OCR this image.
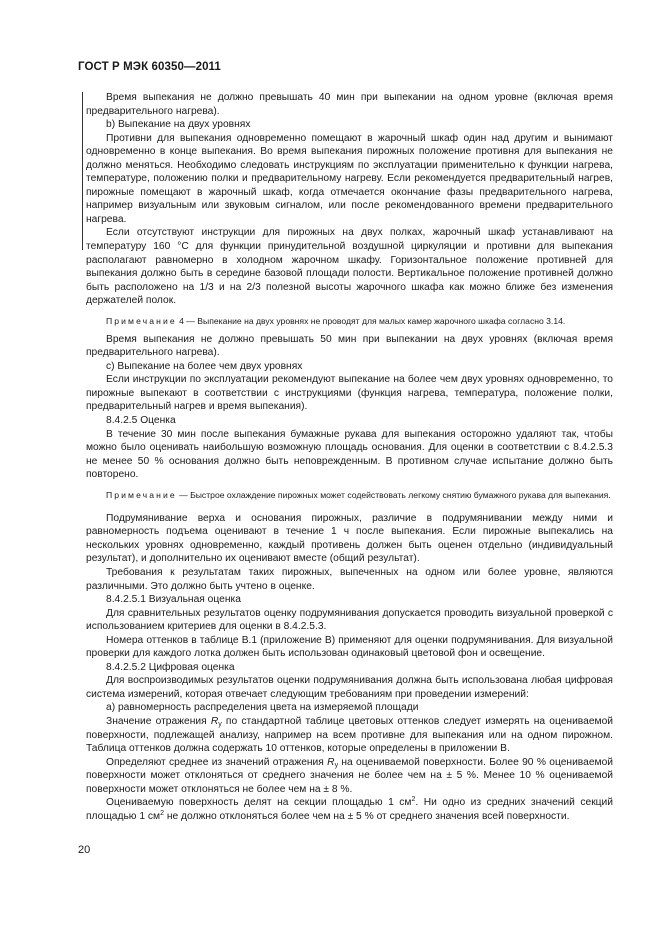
ГОСТ Р МЭК 60350—2011

Время выпекания не должно превышать 40 мин при выпекании на одном уровне (включая время предварительного нагрева).

b) Выпекание на двух уровнях

Противни для выпекания одновременно помещают в жарочный шкаф один над другим и вынимают одновременно в конце выпекания. Во время выпекания пирожных положение противня для выпекания не должно меняться. Необходимо следовать инструкциям по эксплуатации применительно к функции нагрева, температуре, положению полки и предварительному нагреву. Если рекомендуется предварительный нагрев, пирожные помещают в жарочный шкаф, когда отмечается окончание фазы предварительного нагрева, например визуальным или звуковым сигналом, или после рекомендованного времени предварительного нагрева.

Если отсутствуют инструкции для пирожных на двух полках, жарочный шкаф устанавливают на температуру 160 °С для функции принудительной воздушной циркуляции и противни для выпекания располагают равномерно в холодном жарочном шкафу. Горизонтальное положение противней для выпекания должно быть в середине базовой площади полости. Вертикальное положение противней должно быть расположено на 1/3 и на 2/3 полезной высоты жарочного шкафа как можно ближе без изменения держателей полок.

Примечание 4 — Выпекание на двух уровнях не проводят для малых камер жарочного шкафа согласно 3.14.

Время выпекания не должно превышать 50 мин при выпекании на двух уровнях (включая время предварительного нагрева).

c) Выпекание на более чем двух уровнях

Если инструкции по эксплуатации рекомендуют выпекание на более чем двух уровнях одновременно, то пирожные выпекают в соответствии с инструкциями (функция нагрева, температура, положение полки, предварительный нагрев и время выпекания).

8.4.2.5 Оценка

В течение 30 мин после выпекания бумажные рукава для выпекания осторожно удаляют так, чтобы можно было оценивать наибольшую возможную площадь основания. Для оценки в соответствии с 8.4.2.5.3 не менее 50 % основания должно быть неповрежденным. В противном случае испытание должно быть повторено.

Примечание — Быстрое охлаждение пирожных может содействовать легкому снятию бумажного рукава для выпекания.

Подрумянивание верха и основания пирожных, различие в подрумянивании между ними и равномерность подъема оценивают в течение 1 ч после выпекания. Если пирожные выпекались на нескольких уровнях одновременно, каждый противень должен быть оценен отдельно (индивидуальный результат), и дополнительно их оценивают вместе (общий результат).

Требования к результатам таких пирожных, выпеченных на одном или более уровне, являются различными. Это должно быть учтено в оценке.

8.4.2.5.1 Визуальная оценка

Для сравнительных результатов оценку подрумянивания допускается проводить визуальной проверкой с использованием критериев для оценки в 8.4.2.5.3.

Номера оттенков в таблице В.1 (приложение В) применяют для оценки подрумянивания. Для визуальной проверки для каждого лотка должен быть использован одинаковый цветовой фон и освещение.

8.4.2.5.2 Цифровая оценка

Для воспроизводимых результатов оценки подрумянивания должна быть использована любая цифровая система измерений, которая отвечает следующим требованиям при проведении измерений:

а) равномерность распределения цвета на измеряемой площади

Значение отражения $R_y$ по стандартной таблице цветовых оттенков следует измерять на оцениваемой поверхности, подлежащей анализу, например на всем противне для выпекания или на одном пирожном. Таблица оттенков должна содержать 10 оттенков, которые определены в приложении В.

Определяют среднее из значений отражения $R_y$ на оцениваемой поверхности. Более 90 % оцениваемой поверхности может отклоняться от среднего значения не более чем на ± 5 %. Менее 10 % оцениваемой поверхности может отклоняться не более чем на ± 8 %.

Оцениваемую поверхность делят на секции площадью 1 $см^2$. Ни одно из средних значений секций площадью 1 $см^2$ не должно отклоняться более чем на ± 5 % от среднего значения всей поверхности.

20
